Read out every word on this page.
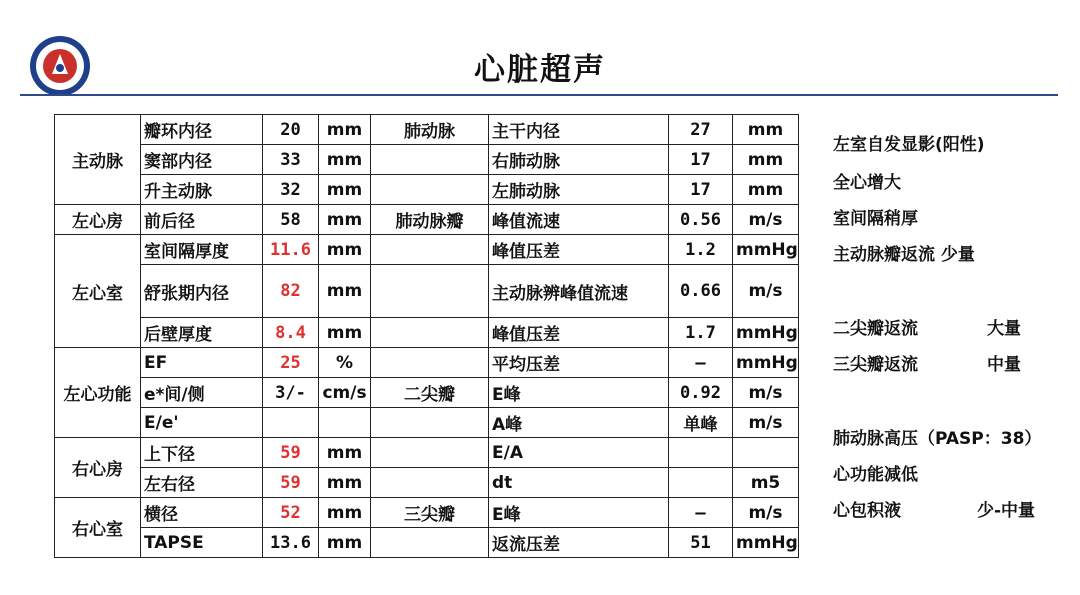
心脏超声
主动脉	瓣环内径	20	mm	肺动脉	主干内径	27	mm
	窦部内径	33	mm		右肺动脉	17	mm
	升主动脉	32	mm		左肺动脉	17	mm
左心房	前后径	58	mm	肺动脉瓣	峰值流速	0.56	m/s
左心室	室间隔厚度	11.6	mm		峰值压差	1.2	mmHg
	舒张期内径	82	mm		主动脉辨峰值流速	0.66	m/s
	后壁厚度	8.4	mm		峰值压差	1.7	mmHg
左心功能	EF	25	%		平均压差	—	mmHg
	e*间/侧	3/-	cm/s	二尖瓣	E峰	0.92	m/s
	E/e'				A峰	单峰	m/s
右心房	上下径	59	mm		E/A		
	左右径	59	mm		dt		m5
右心室	横径	52	mm	三尖瓣	E峰	—	m/s
	TAPSE	13.6	mm		返流压差	51	mmHg
左室自发显影(阳性)
全心增大
室间隔稍厚
主动脉瓣返流 少量
二尖瓣返流	大量
三尖瓣返流	中量
肺动脉高压（PASP：38）
心功能减低
心包积液	少-中量
